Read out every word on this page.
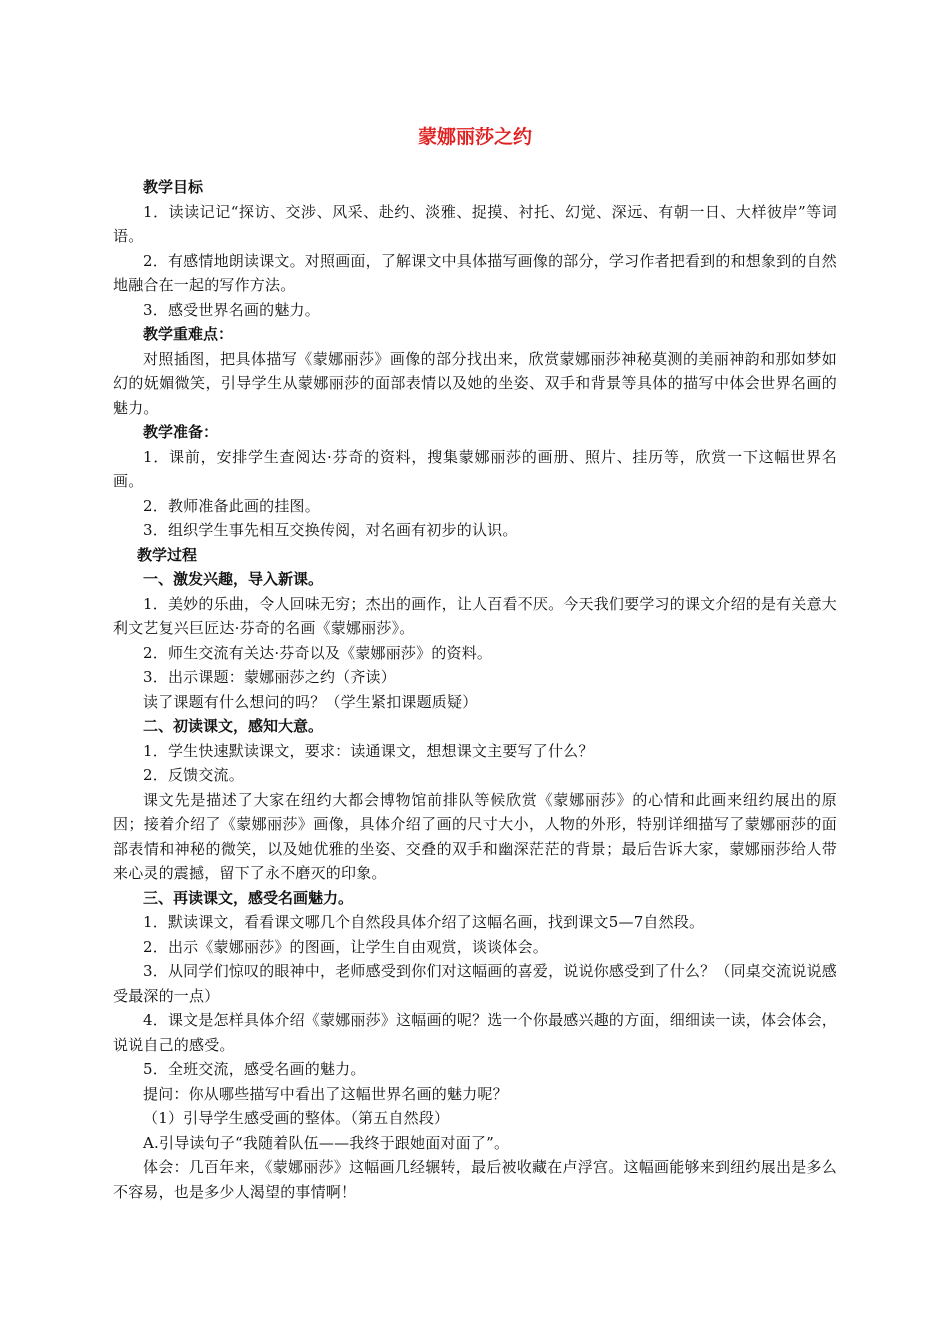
蒙娜丽莎之约

教学目标

1．读读记记“探访、交涉、风采、赴约、淡雅、捉摸、衬托、幻觉、深远、有朝一日、大样彼岸”等词语。

2．有感情地朗读课文。对照画面，了解课文中具体描写画像的部分，学习作者把看到的和想象到的自然地融合在一起的写作方法。

3．感受世界名画的魅力。

教学重难点：

对照插图，把具体描写《蒙娜丽莎》画像的部分找出来，欣赏蒙娜丽莎神秘莫测的美丽神韵和那如梦如幻的妩媚微笑，引导学生从蒙娜丽莎的面部表情以及她的坐姿、双手和背景等具体的描写中体会世界名画的魅力。

教学准备：

1．课前，安排学生查阅达·芬奇的资料，搜集蒙娜丽莎的画册、照片、挂历等，欣赏一下这幅世界名画。

2．教师准备此画的挂图。

3．组织学生事先相互交换传阅，对名画有初步的认识。

教学过程

一、激发兴趣，导入新课。

1．美妙的乐曲，令人回味无穷；杰出的画作，让人百看不厌。今天我们要学习的课文介绍的是有关意大利文艺复兴巨匠达·芬奇的名画《蒙娜丽莎》。

2．师生交流有关达·芬奇以及《蒙娜丽莎》的资料。

3．出示课题：蒙娜丽莎之约（齐读）

读了课题有什么想问的吗？（学生紧扣课题质疑）

二、初读课文，感知大意。

1．学生快速默读课文，要求：读通课文，想想课文主要写了什么？

2．反馈交流。

课文先是描述了大家在纽约大都会博物馆前排队等候欣赏《蒙娜丽莎》的心情和此画来纽约展出的原因；接着介绍了《蒙娜丽莎》画像，具体介绍了画的尺寸大小，人物的外形，特别详细描写了蒙娜丽莎的面部表情和神秘的微笑，以及她优雅的坐姿、交叠的双手和幽深茫茫的背景；最后告诉大家，蒙娜丽莎给人带来心灵的震撼，留下了永不磨灭的印象。

三、再读课文，感受名画魅力。

1．默读课文，看看课文哪几个自然段具体介绍了这幅名画，找到课文5—7自然段。

2．出示《蒙娜丽莎》的图画，让学生自由观赏，谈谈体会。

3．从同学们惊叹的眼神中，老师感受到你们对这幅画的喜爱，说说你感受到了什么？（同桌交流说说感受最深的一点）

4．课文是怎样具体介绍《蒙娜丽莎》这幅画的呢？选一个你最感兴趣的方面，细细读一读，体会体会，说说自己的感受。

5．全班交流，感受名画的魅力。

提问：你从哪些描写中看出了这幅世界名画的魅力呢？

（1）引导学生感受画的整体。（第五自然段）

A.引导读句子“我随着队伍——我终于跟她面对面了”。

体会：几百年来，《蒙娜丽莎》这幅画几经辗转，最后被收藏在卢浮宫。这幅画能够来到纽约展出是多么不容易，也是多少人渴望的事情啊！
